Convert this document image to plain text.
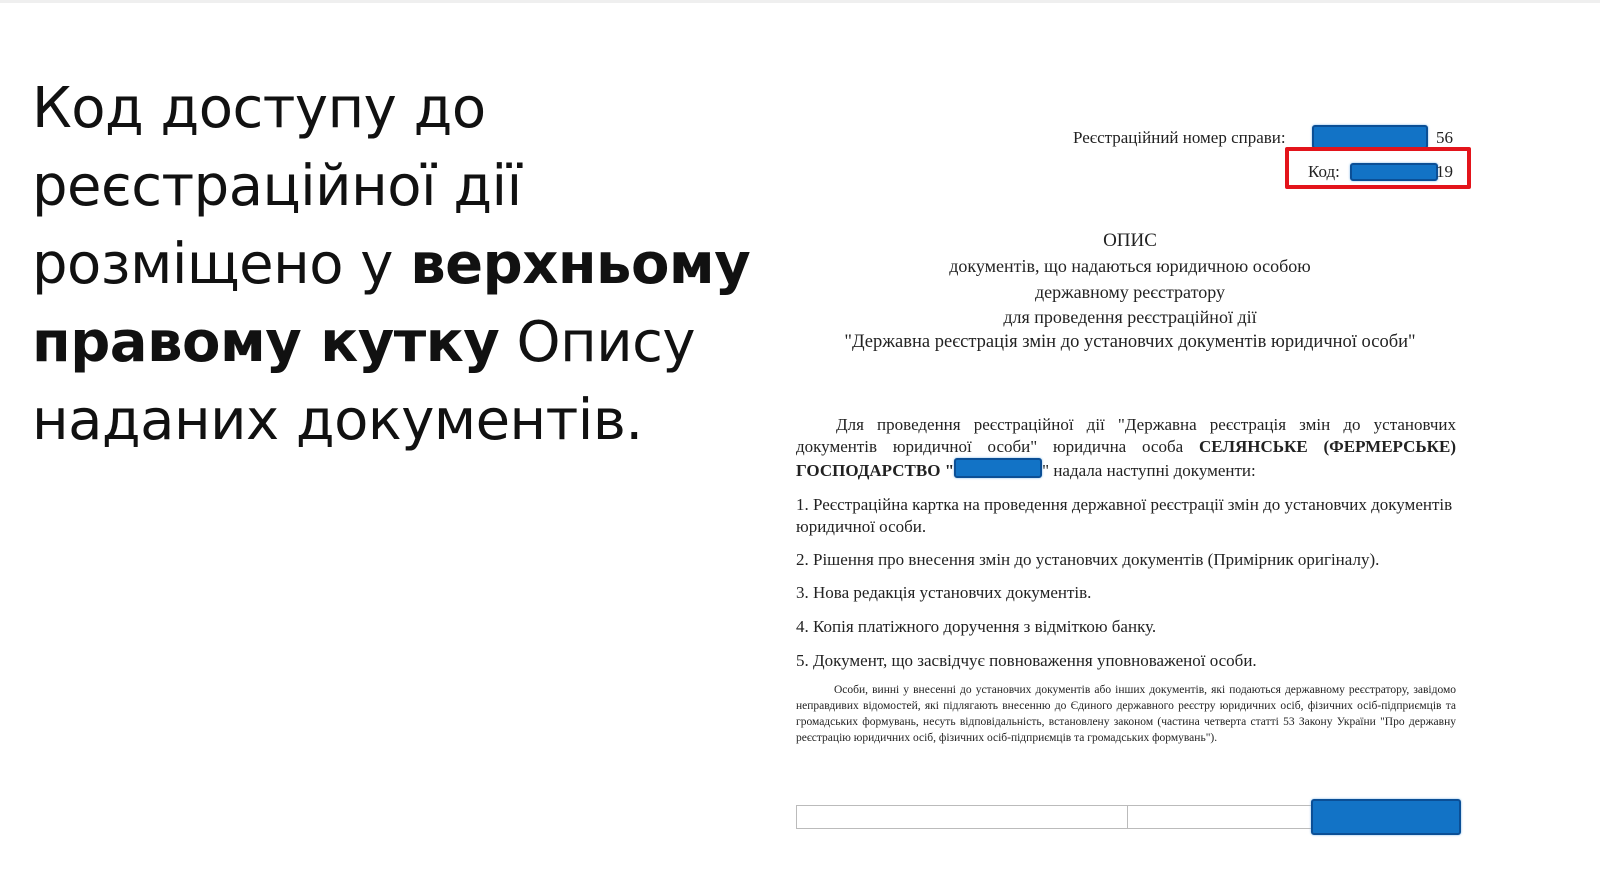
Код доступу до
реєстраційної дії
розміщено у верхньому
правому кутку Опису
наданих документів.
Реєстраційний номер справи:	56
Код:	19
ОПИС
документів, що надаються юридичною особою
державному реєстратору
для проведення реєстраційної дії
"Державна реєстрація змін до установчих документів юридичної особи"
Для проведення реєстраційної дії "Державна реєстрація змін до установчих документів юридичної особи" юридична особа СЕЛЯНСЬКЕ (ФЕРМЕРСЬКЕ) ГОСПОДАРСТВО "	" надала наступні документи:
1. Реєстраційна картка на проведення державної реєстрації змін до установчих документів юридичної особи.
2. Рішення про внесення змін до установчих документів (Примірник оригіналу).
3. Нова редакція установчих документів.
4. Копія платіжного доручення з відміткою банку.
5. Документ, що засвідчує повноваження уповноваженої особи.
Особи, винні у внесенні до установчих документів або інших документів, які подаються державному реєстратору, завідомо неправдивих відомостей, які підлягають внесенню до Єдиного державного реєстру юридичних осіб, фізичних осіб-підприємців та громадських формувань, несуть відповідальність, встановлену законом (частина четверта статті 53 Закону України "Про державну реєстрацію юридичних осіб, фізичних осіб-підприємців та громадських формувань").
